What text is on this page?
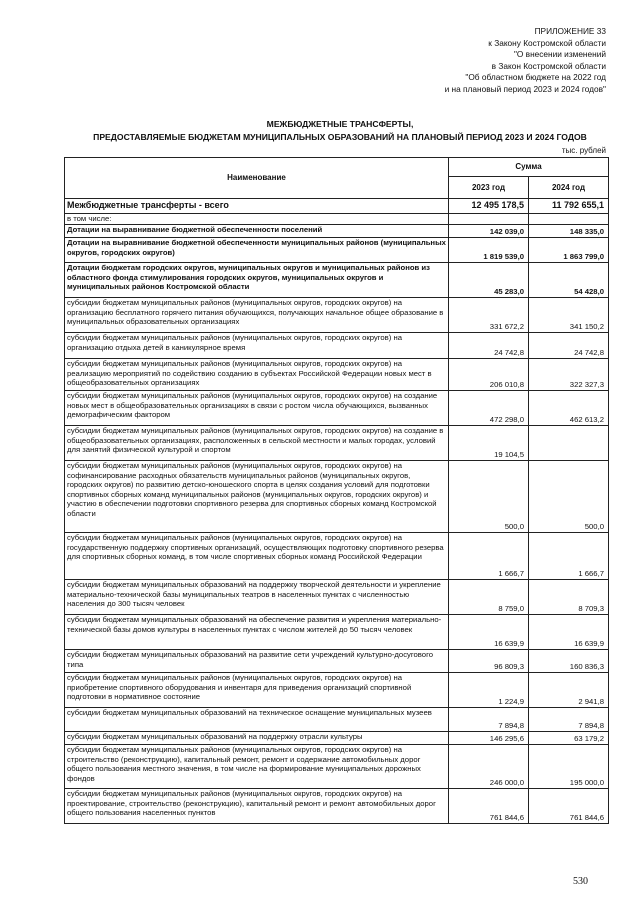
ПРИЛОЖЕНИЕ 33
к Закону Костромской области
"О внесении изменений
в Закон Костромской области
"Об областном бюджете на 2022 год
и на плановый период 2023 и 2024 годов"
МЕЖБЮДЖЕТНЫЕ ТРАНСФЕРТЫ,
ПРЕДОСТАВЛЯЕМЫЕ БЮДЖЕТАМ МУНИЦИПАЛЬНЫХ ОБРАЗОВАНИЙ НА ПЛАНОВЫЙ ПЕРИОД 2023 И 2024 ГОДОВ
тыс. рублей
Наименование	Сумма	
	2023 год	2024 год
Межбюджетные трансферты - всего	12 495 178,5	11 792 655,1
в том числе:		
Дотации на выравнивание бюджетной обеспеченности поселений	142 039,0	148 335,0
Дотации на выравнивание бюджетной обеспеченности муниципальных районов (муниципальных округов, городских округов)	1 819 539,0	1 863 799,0
Дотации бюджетам городских округов, муниципальных округов и муниципальных районов из областного фонда стимулирования городских округов, муниципальных округов и муниципальных районов Костромской области	45 283,0	54 428,0
субсидии бюджетам муниципальных районов (муниципальных округов, городских округов) на организацию бесплатного горячего питания обучающихся, получающих начальное общее образование в муниципальных образовательных организациях	331 672,2	341 150,2
субсидии бюджетам муниципальных районов (муниципальных округов, городских округов) на организацию отдыха детей в каникулярное время	24 742,8	24 742,8
субсидии бюджетам муниципальных районов (муниципальных округов, городских округов) на реализацию мероприятий по содействию созданию в субъектах Российской Федерации новых мест в общеобразовательных организациях	206 010,8	322 327,3
субсидии бюджетам муниципальных районов (муниципальных округов, городских округов) на создание новых мест в общеобразовательных организациях в связи с ростом числа обучающихся, вызванных демографическим фактором	472 298,0	462 613,2
субсидии бюджетам муниципальных районов (муниципальных округов, городских округов) на создание в общеобразовательных организациях, расположенных в сельской местности и малых городах, условий для занятий физической культурой и спортом	19 104,5	
субсидии бюджетам муниципальных районов (муниципальных округов, городских округов) на софинансирование расходных обязательств муниципальных районов (муниципальных округов, городских округов) по развитию детско-юношеского спорта в целях создания условий для подготовки спортивных сборных команд муниципальных районов (муниципальных округов, городских округов) и участию в обеспечении подготовки спортивного резерва для спортивных сборных команд Костромской области	500,0	500,0
субсидии бюджетам муниципальных районов (муниципальных округов, городских округов) на государственную поддержку спортивных организаций, осуществляющих подготовку спортивного резерва для спортивных сборных команд, в том числе спортивных сборных команд Российской Федерации	1 666,7	1 666,7
субсидии бюджетам муниципальных образований на поддержку творческой деятельности и укрепление материально-технической базы муниципальных театров в населенных пунктах с численностью населения до 300 тысяч человек	8 759,0	8 709,3
субсидии бюджетам муниципальных образований на обеспечение развития и укрепления материально-технической базы домов культуры в населенных пунктах с числом жителей до 50 тысяч человек	16 639,9	16 639,9
субсидии бюджетам муниципальных образований на развитие сети учреждений культурно-досугового типа	96 809,3	160 836,3
субсидии бюджетам муниципальных районов (муниципальных округов, городских округов) на приобретение спортивного оборудования и инвентаря для приведения организаций спортивной подготовки в нормативное состояние	1 224,9	2 941,8
субсидии бюджетам муниципальных образований на техническое оснащение муниципальных музеев	7 894,8	7 894,8
субсидии бюджетам муниципальных образований на поддержку отрасли культуры	146 295,6	63 179,2
субсидии бюджетам муниципальных районов (муниципальных округов, городских округов) на строительство (реконструкцию), капитальный ремонт, ремонт и содержание автомобильных дорог общего пользования местного значения, в том числе на формирование муниципальных дорожных фондов	246 000,0	195 000,0
субсидии бюджетам муниципальных районов (муниципальных округов, городских округов) на проектирование, строительство (реконструкцию), капитальный ремонт и ремонт автомобильных дорог общего пользования населенных пунктов	761 844,6	761 844,6
530
